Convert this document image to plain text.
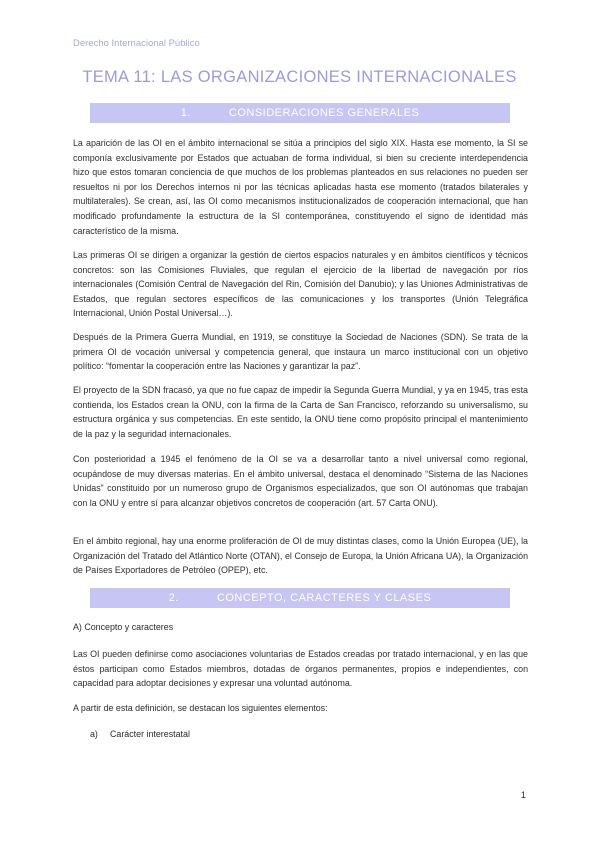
Derecho Internacional Público
TEMA 11: LAS ORGANIZACIONES INTERNACIONALES
1.	CONSIDERACIONES GENERALES

La aparición de las OI en el ámbito internacional se sitúa a principios del siglo XIX. Hasta ese momento, la SI se componía exclusivamente por Estados que actuaban de forma individual, si bien su creciente interdependencia hizo que estos tomaran conciencia de que muchos de los problemas planteados en sus relaciones no pueden ser resueltos ni por los Derechos internos ni por las técnicas aplicadas hasta ese momento (tratados bilaterales y multilaterales). Se crean, así, las OI como mecanismos institucionalizados de cooperación internacional, que han modificado profundamente la estructura de la SI contemporánea, constituyendo el signo de identidad más característico de la misma.

Las primeras OI se dirigen a organizar la gestión de ciertos espacios naturales y en ámbitos científicos y técnicos concretos: son las Comisiones Fluviales, que regulan el ejercicio de la libertad de navegación por ríos internacionales (Comisión Central de Navegación del Rin, Comisión del Danubio); y las Uniones Administrativas de Estados, que regulan sectores específicos de las comunicaciones y los transportes (Unión Telegráfica Internacional, Unión Postal Universal…).

Después de la Primera Guerra Mundial, en 1919, se constituye la Sociedad de Naciones (SDN). Se trata de la primera OI de vocación universal y competencia general, que instaura un marco institucional con un objetivo político: “fomentar la cooperación entre las Naciones y garantizar la paz”.

El proyecto de la SDN fracasó, ya que no fue capaz de impedir la Segunda Guerra Mundial, y ya en 1945, tras esta contienda, los Estados crean la ONU, con la firma de la Carta de San Francisco, reforzando su universalismo, su estructura orgánica y sus competencias. En este sentido, la ONU tiene como propósito principal el mantenimiento de la paz y la seguridad internacionales.

Con posterioridad a 1945 el fenómeno de la OI se va a desarrollar tanto a nivel universal como regional, ocupándose de muy diversas materias. En el ámbito universal, destaca el denominado “Sistema de las Naciones Unidas” constituido por un numeroso grupo de Organismos especializados, que son OI autónomas que trabajan con la ONU y entre sí para alcanzar objetivos concretos de cooperación (art. 57 Carta ONU).

En el ámbito regional, hay una enorme proliferación de OI de muy distintas clases, como la Unión Europea (UE), la Organización del Tratado del Atlántico Norte (OTAN), el Consejo de Europa, la Unión Africana UA), la Organización de Países Exportadores de Petróleo (OPEP), etc.

2.	CONCEPTO, CARACTERES Y CLASES

A) Concepto y caracteres

Las OI pueden definirse como asociaciones voluntarias de Estados creadas por tratado internacional, y en las que éstos participan como Estados miembros, dotadas de órganos permanentes, propios e independientes, con capacidad para adoptar decisiones y expresar una voluntad autónoma.

A partir de esta definición, se destacan los siguientes elementos:

a) Carácter interestatal

1
